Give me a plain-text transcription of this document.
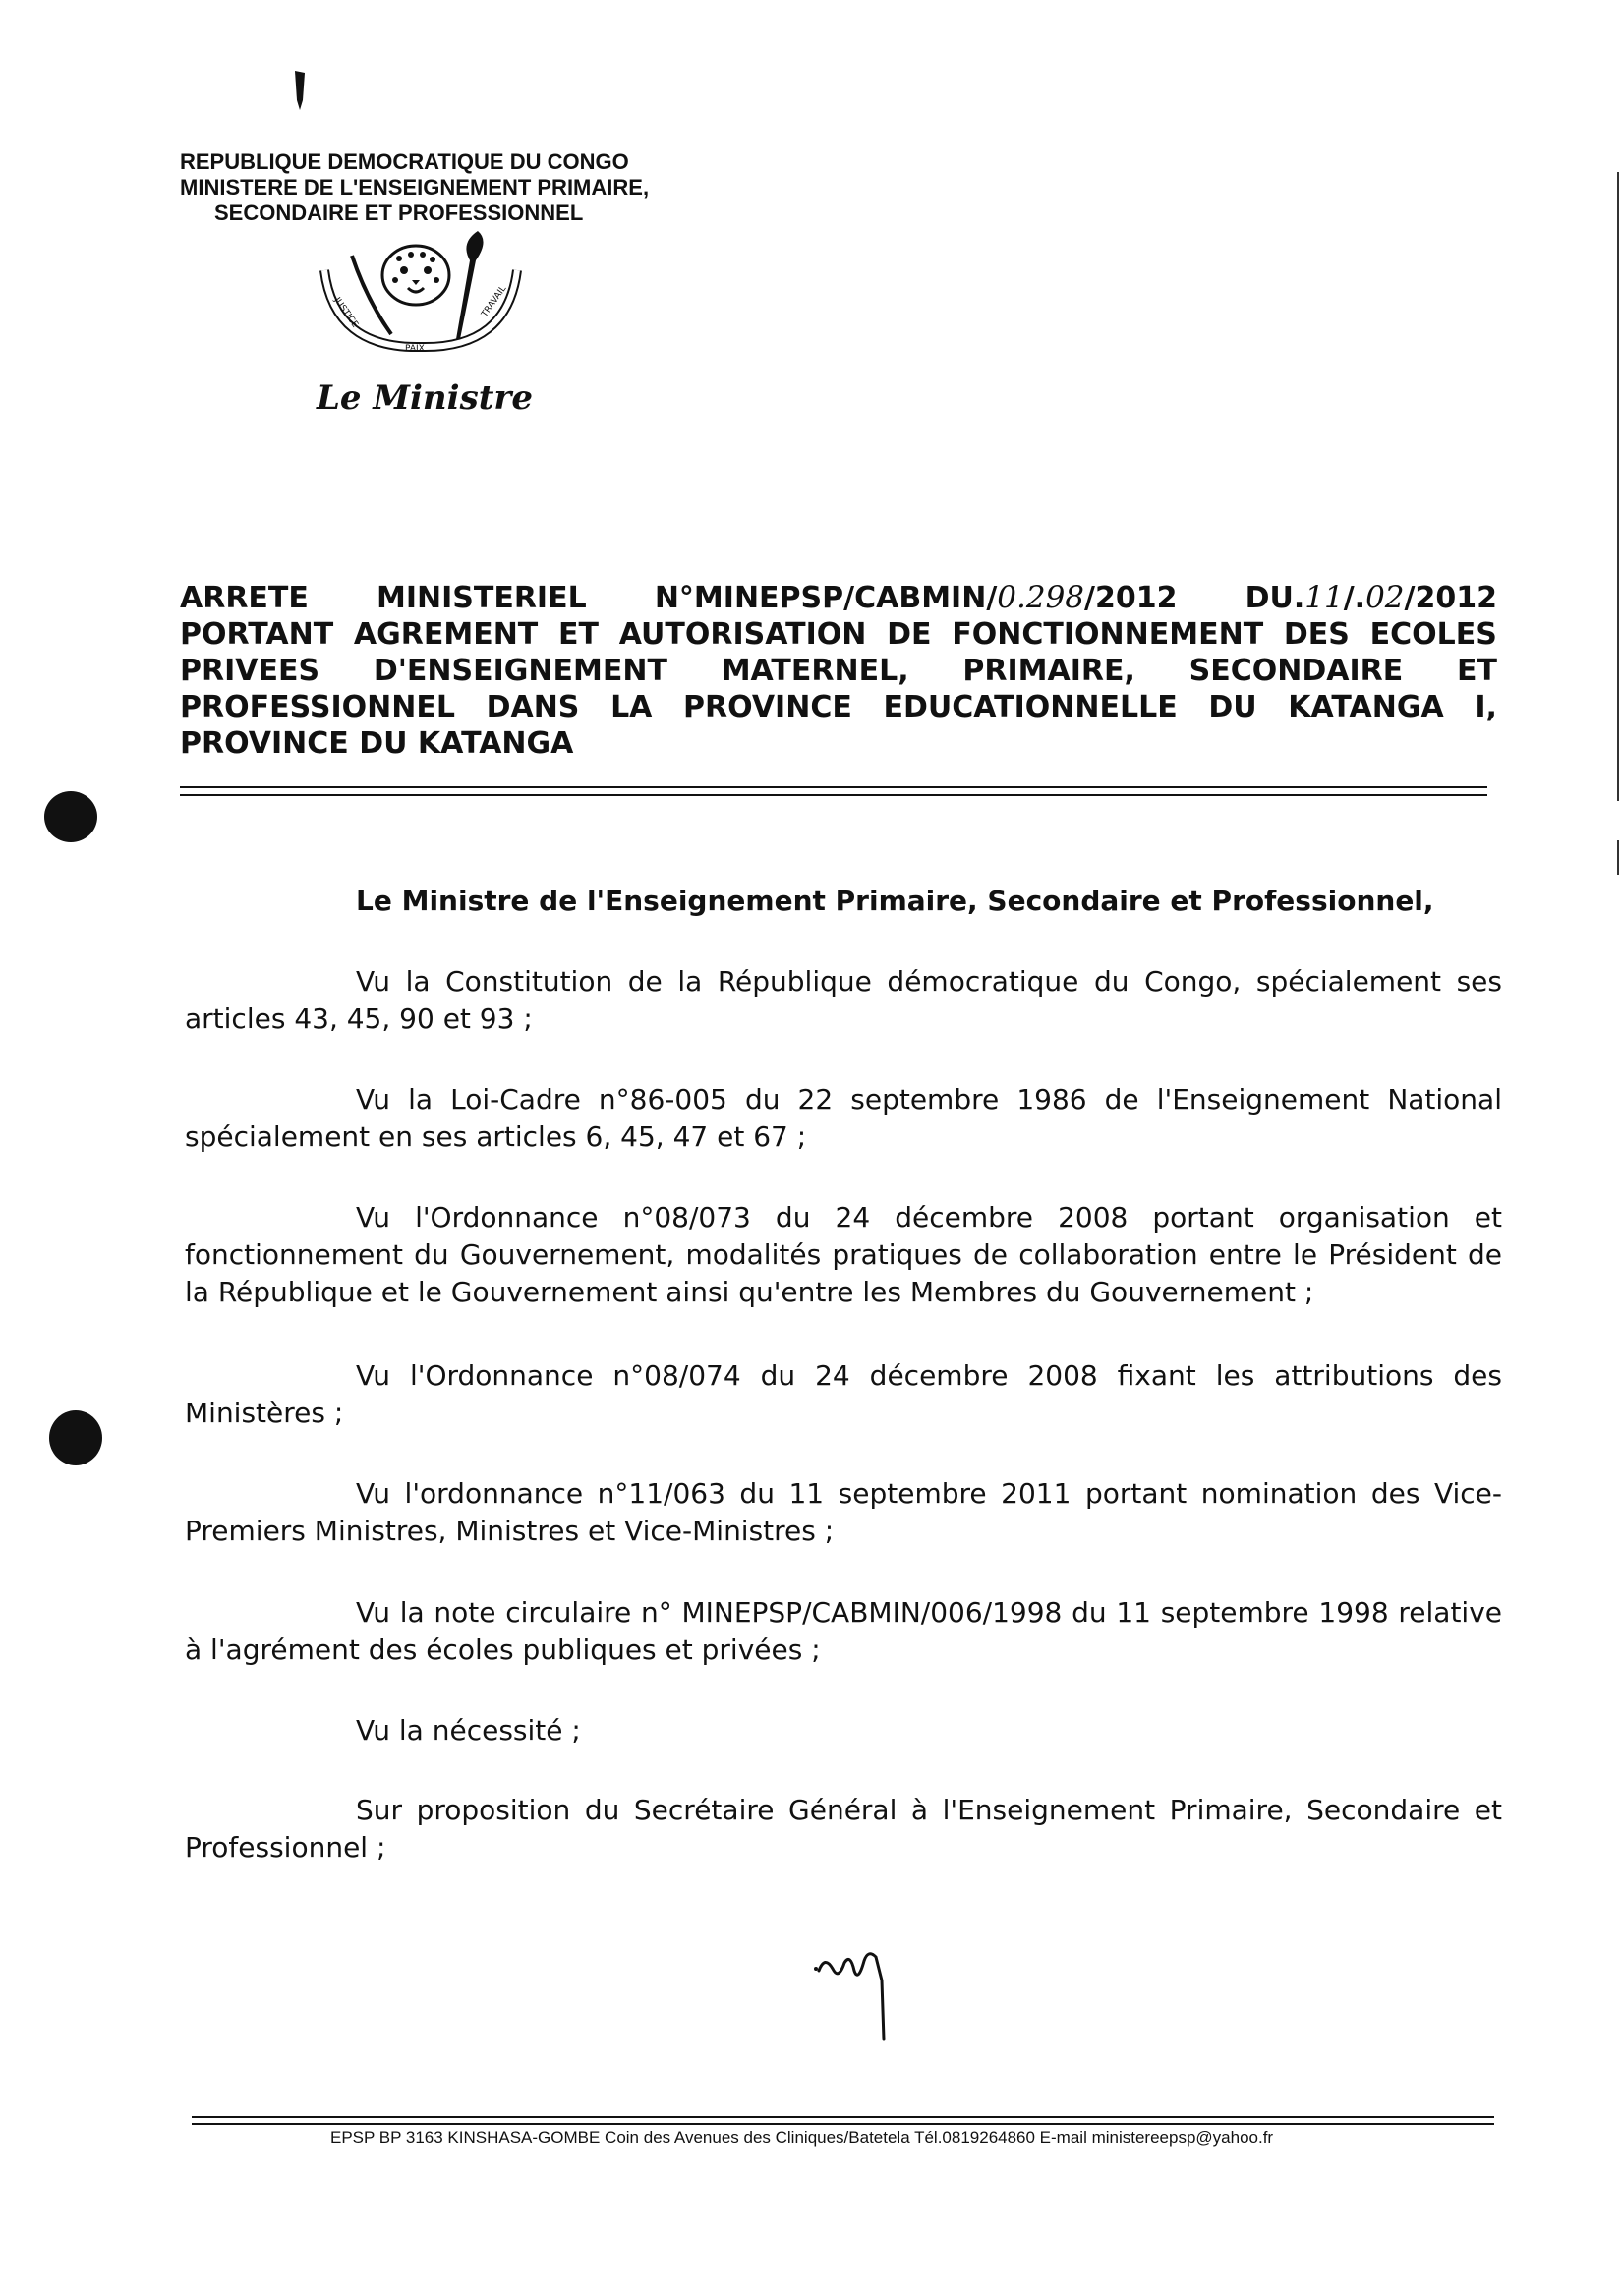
REPUBLIQUE DEMOCRATIQUE DU CONGO
MINISTERE DE L'ENSEIGNEMENT PRIMAIRE,
SECONDAIRE ET PROFESSIONNEL
JUSTICE
PAIX
TRAVAIL
Le Ministre
ARRETE MINISTERIEL N°MINEPSP/CABMIN/0.298/2012 DU.11/.02/2012
PORTANT AGREMENT ET AUTORISATION DE FONCTIONNEMENT DES ECOLES
PRIVEES D'ENSEIGNEMENT MATERNEL, PRIMAIRE, SECONDAIRE ET
PROFESSIONNEL DANS LA PROVINCE EDUCATIONNELLE DU KATANGA I,
PROVINCE DU KATANGA
Le Ministre de l'Enseignement Primaire, Secondaire et Professionnel,

Vu la Constitution de la République démocratique du Congo, spécialement ses articles 43, 45, 90 et 93 ;

Vu la Loi-Cadre n°86-005 du 22 septembre 1986 de l'Enseignement National spécialement en ses articles 6, 45, 47 et 67 ;

Vu l'Ordonnance n°08/073 du 24 décembre 2008 portant organisation et fonctionnement du Gouvernement, modalités pratiques de collaboration entre le Président de la République et le Gouvernement ainsi qu'entre les Membres du Gouvernement ;

Vu l'Ordonnance n°08/074 du 24 décembre 2008 fixant les attributions des Ministères ;

Vu l'ordonnance n°11/063 du 11 septembre 2011 portant nomination des Vice-Premiers Ministres, Ministres et Vice-Ministres ;

Vu la note circulaire n° MINEPSP/CABMIN/006/1998 du 11 septembre 1998 relative à l'agrément des écoles publiques et privées ;

Vu la nécessité ;

Sur proposition du Secrétaire Général à l'Enseignement Primaire, Secondaire et Professionnel ;

EPSP BP 3163 KINSHASA-GOMBE Coin des Avenues des Cliniques/Batetela Tél.0819264860 E-mail ministereepsp@yahoo.fr
